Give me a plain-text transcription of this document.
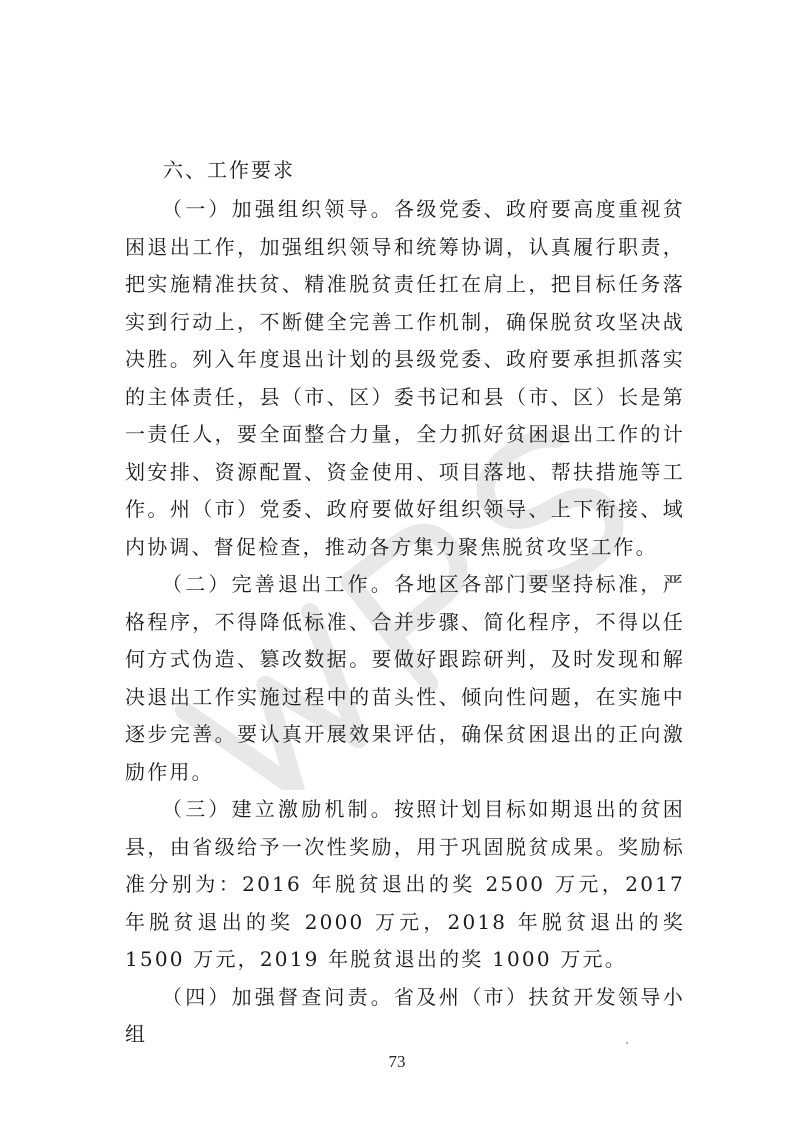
六、工作要求

（一）加强组织领导。各级党委、政府要高度重视贫困退出工作，加强组织领导和统筹协调，认真履行职责，把实施精准扶贫、精准脱贫责任扛在肩上，把目标任务落实到行动上，不断健全完善工作机制，确保脱贫攻坚决战决胜。列入年度退出计划的县级党委、政府要承担抓落实的主体责任，县（市、区）委书记和县（市、区）长是第一责任人，要全面整合力量，全力抓好贫困退出工作的计划安排、资源配置、资金使用、项目落地、帮扶措施等工作。州（市）党委、政府要做好组织领导、上下衔接、域内协调、督促检查，推动各方集力聚焦脱贫攻坚工作。

（二）完善退出工作。各地区各部门要坚持标准，严格程序，不得降低标准、合并步骤、简化程序，不得以任何方式伪造、篡改数据。要做好跟踪研判，及时发现和解决退出工作实施过程中的苗头性、倾向性问题，在实施中逐步完善。要认真开展效果评估，确保贫困退出的正向激励作用。

（三）建立激励机制。按照计划目标如期退出的贫困县，由省级给予一次性奖励，用于巩固脱贫成果。奖励标准分别为：2016 年脱贫退出的奖 2500 万元，2017 年脱贫退出的奖 2000 万元，2018 年脱贫退出的奖 1500 万元，2019 年脱贫退出的奖 1000 万元。

（四）加强督查问责。省及州（市）扶贫开发领导小组

73
